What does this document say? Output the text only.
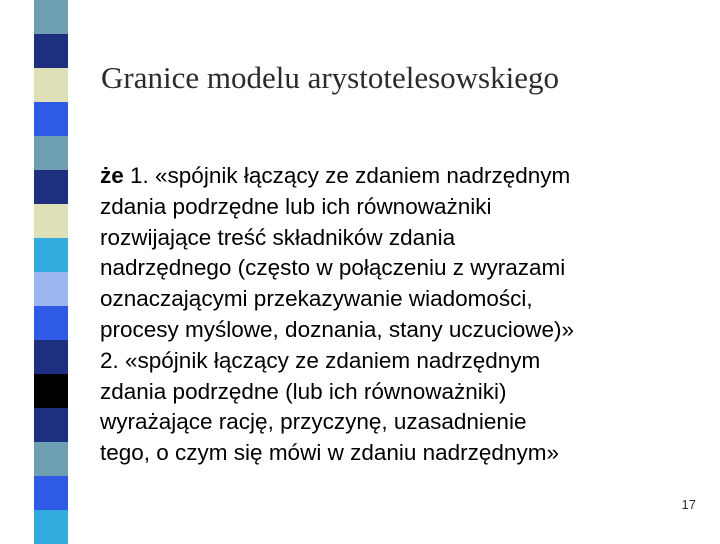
Granice modelu arystotelesowskiego
że 1. «spójnik łączący ze zdaniem nadrzędnym
zdania podrzędne lub ich równoważniki
rozwijające treść składników zdania
nadrzędnego (często w połączeniu z wyrazami
oznaczającymi przekazywanie wiadomości,
procesy myślowe, doznania, stany uczuciowe)»
2. «spójnik łączący ze zdaniem nadrzędnym
zdania podrzędne (lub ich równoważniki)
wyrażające rację, przyczynę, uzasadnienie
tego, o czym się mówi w zdaniu nadrzędnym»
17
